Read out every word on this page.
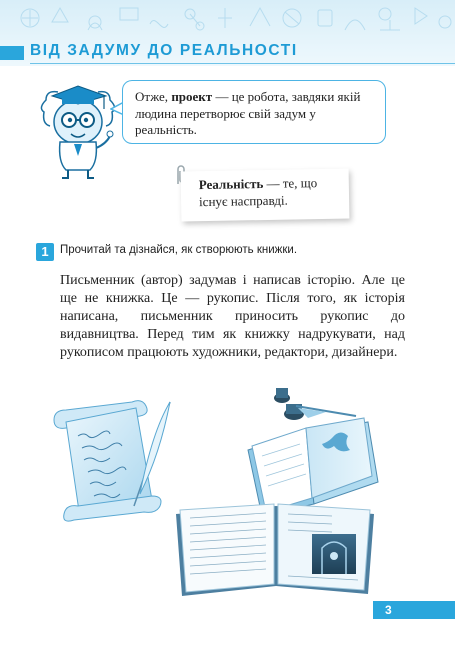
ВІД ЗАДУМУ ДО РЕАЛЬНОСТІ
Отже, проект — це робота, завдяки якій людина перетворює свій задум у реальність.
Реальність — те, що існує насправді.
1 Прочитай та дізнайся, як створюють книжки.
Письменник (автор) задумав і написав історію. Але це ще не книжка. Це — рукопис. Після того, як історія написана, письменник приносить рукопис до видавництва. Перед тим як книжку надрукувати, над рукописом працюють художники, редактори, дизайнери.
3
